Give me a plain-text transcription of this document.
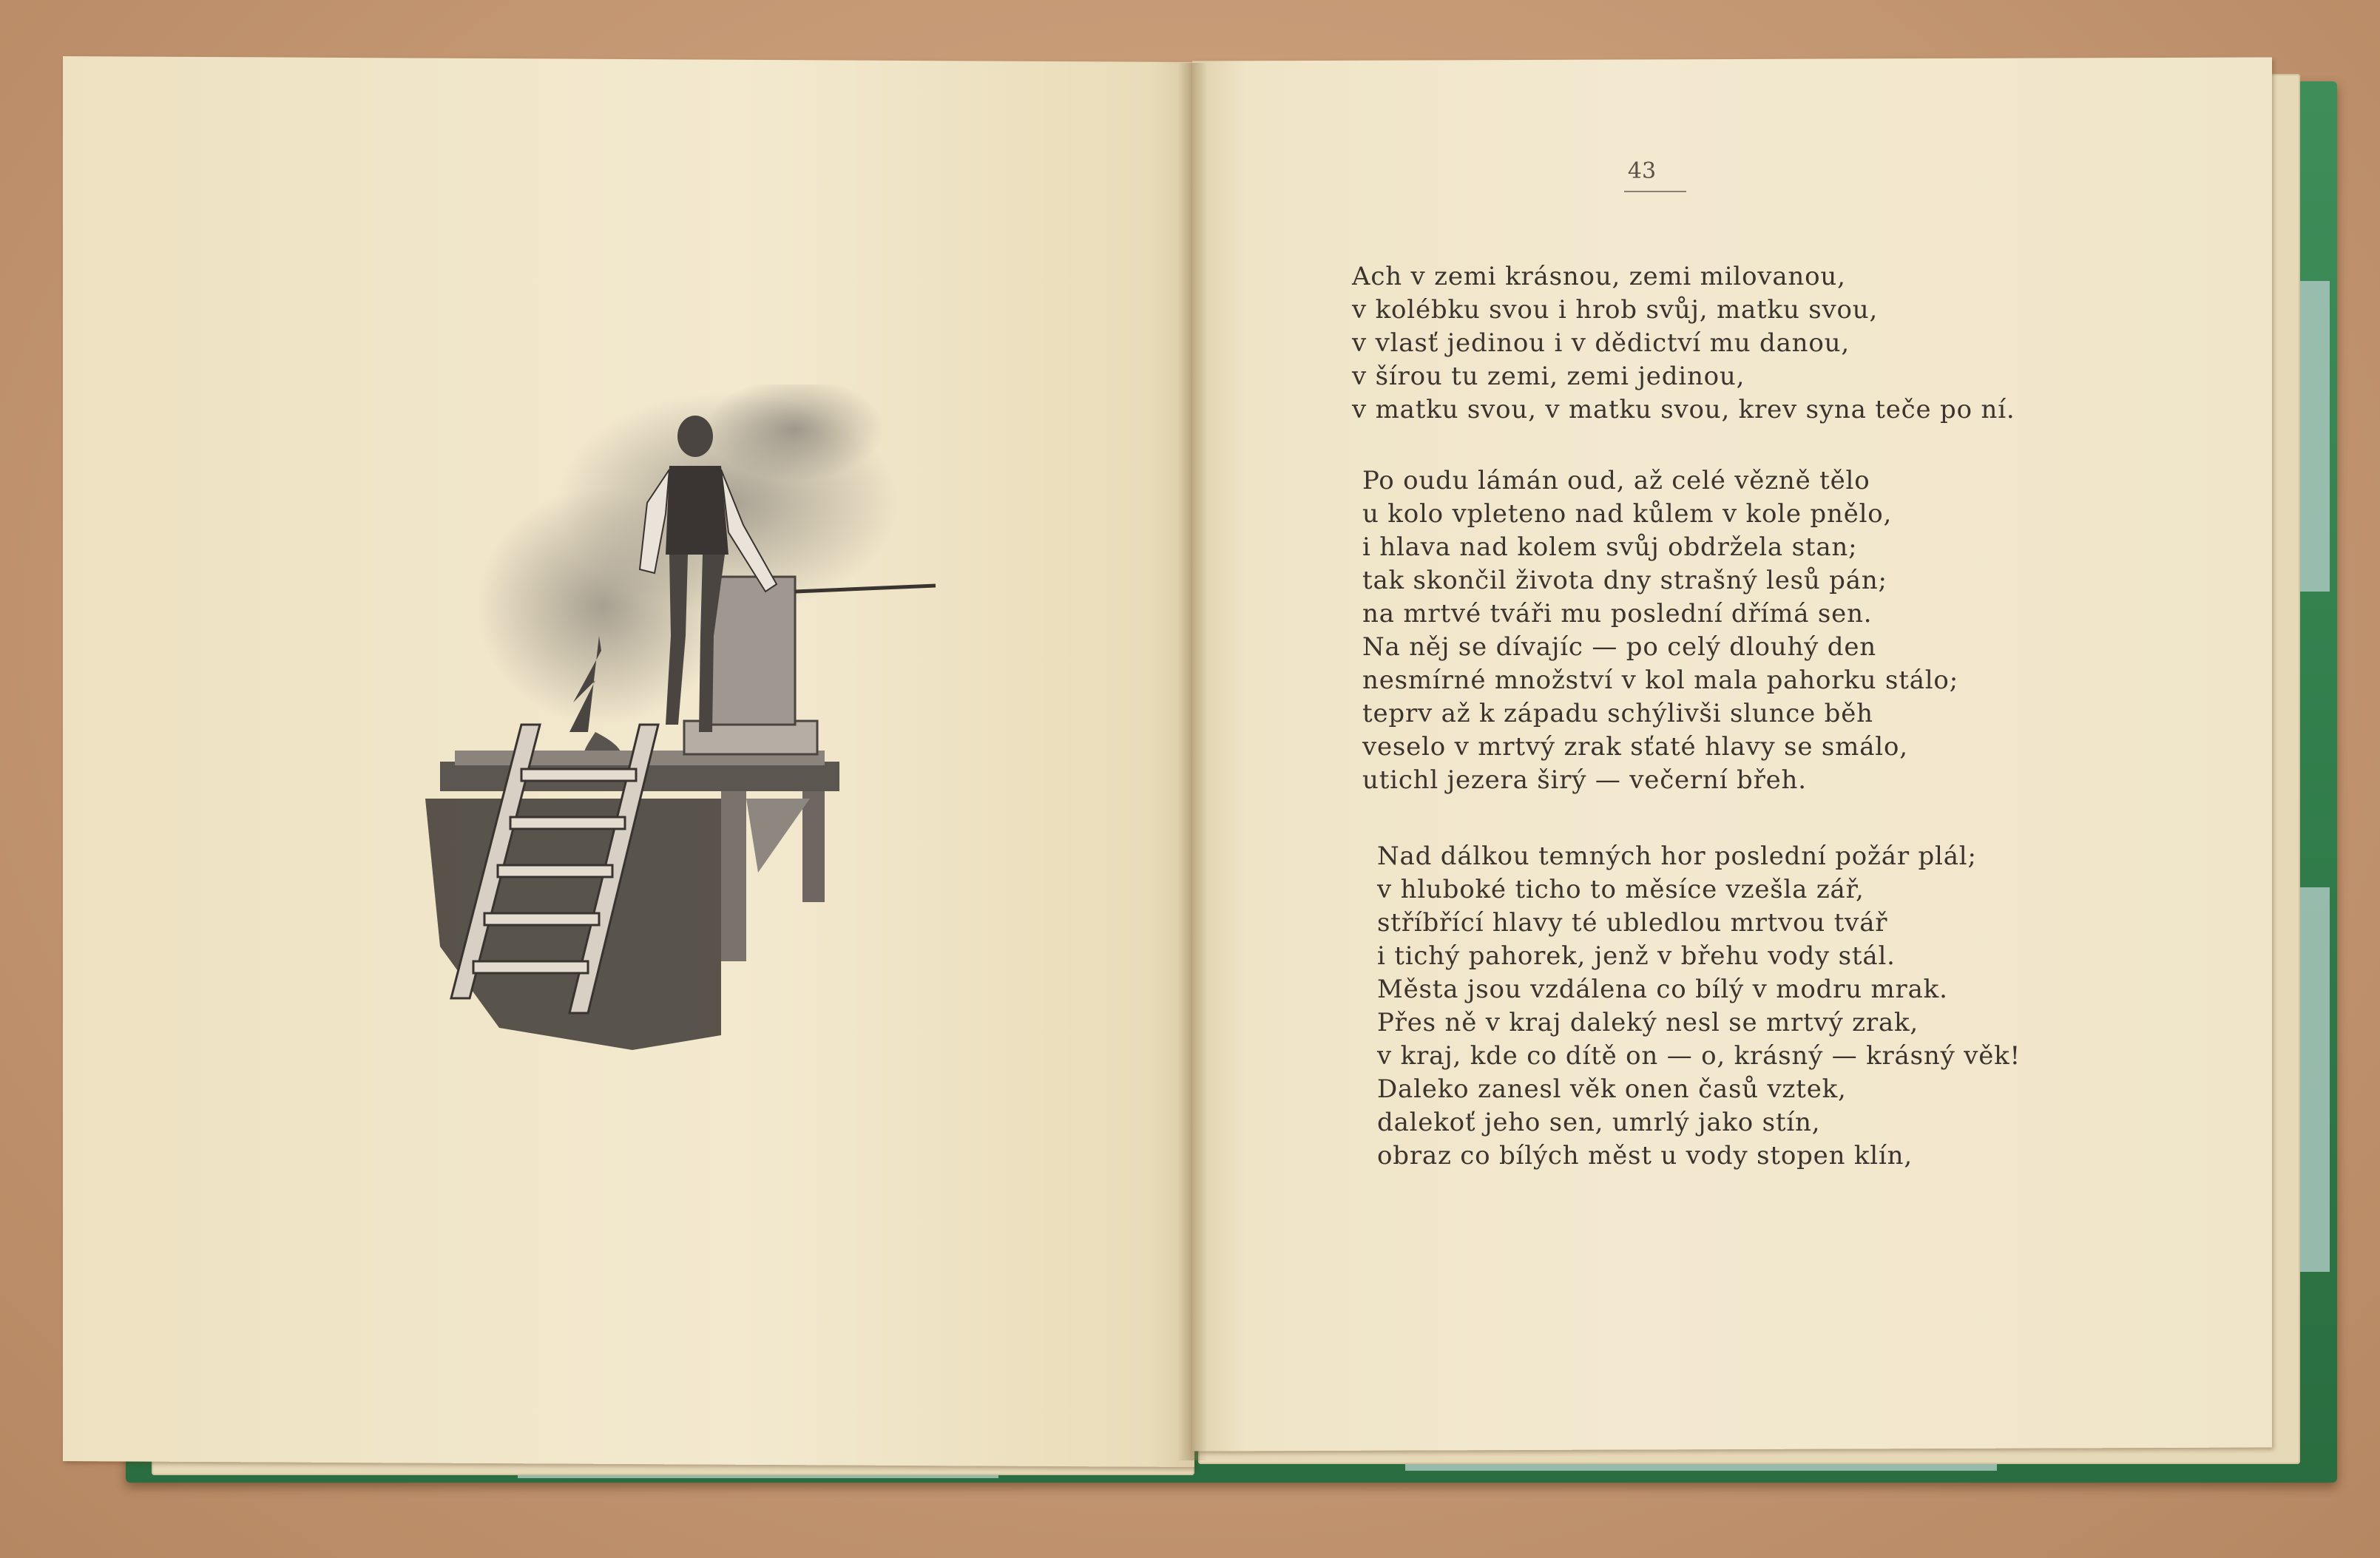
43
Ach v zemi krásnou, zemi milovanou,
v kolébku svou i hrob svůj, matku svou,
v vlasť jedinou i v dědictví mu danou,
v šírou tu zemi, zemi jedinou,
v matku svou, v matku svou, krev syna teče po ní.
Po oudu lámán oud, až celé vězně tělo
u kolo vpleteno nad kůlem v kole pnělo,
i hlava nad kolem svůj obdržela stan;
tak skončil života dny strašný lesů pán;
na mrtvé tváři mu poslední dřímá sen.
Na něj se dívajíc — po celý dlouhý den
nesmírné množství v kol mala pahorku stálo;
teprv až k západu schýlivši slunce běh
veselo v mrtvý zrak sťaté hlavy se smálo,
utichl jezera širý — večerní břeh.
Nad dálkou temných hor poslední požár plál;
v hluboké ticho to měsíce vzešla zář,
stříbřící hlavy té ubledlou mrtvou tvář
i tichý pahorek, jenž v břehu vody stál.
Města jsou vzdálena co bílý v modru mrak.
Přes ně v kraj daleký nesl se mrtvý zrak,
v kraj, kde co dítě on — o, krásný — krásný věk!
Daleko zanesl věk onen časů vztek,
dalekoť jeho sen, umrlý jako stín,
obraz co bílých měst u vody stopen klín,
